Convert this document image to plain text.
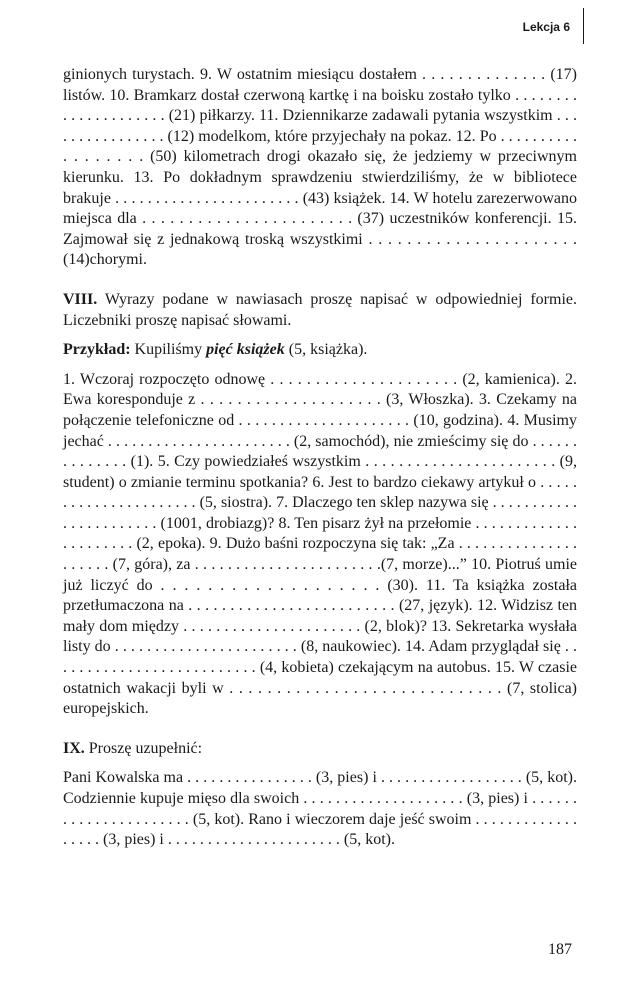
Lekcja 6

ginionych turystach. 9. W ostatnim miesiącu dostałem . . . . . . . . . . . . . . (17) listów. 10. Bramkarz dostał czerwoną kartkę i na boisku zostało tylko . . . . . . . . . . . . . . . . . . . . . (21) piłkarzy. 11. Dziennikarze zadawali pytania wszystkim . . . . . . . . . . . . . . . . (12) modelkom, które przyjechały na pokaz. 12. Po . . . . . . . . . . . . . . . . . . (50) kilometrach drogi okazało się, że jedziemy w przeciwnym kierunku. 13. Po dokładnym sprawdzeniu stwierdziliśmy, że w bibliotece brakuje . . . . . . . . . . . . . . . . . . . . . . . (43) książek. 14. W hotelu zarezerwowano miejsca dla . . . . . . . . . . . . . . . . . . . . . . . (37) uczestników konferencji. 15. Zajmował się z jednakową troską wszystkimi . . . . . . . . . . . . . . . . . . . . . . (14)chorymi.

VIII. Wyrazy podane w nawiasach proszę napisać w odpowiedniej formie. Liczebniki proszę napisać słowami.

Przykład: Kupiliśmy pięć książek (5, książka).

1. Wczoraj rozpoczęto odnowę . . . . . . . . . . . . . . . . . . . . . (2, kamienica). 2. Ewa koresponduje z . . . . . . . . . . . . . . . . . . . . (3, Włoszka). 3. Czekamy na połączenie telefoniczne od . . . . . . . . . . . . . . . . . . . . . (10, godzina). 4. Musimy jechać . . . . . . . . . . . . . . . . . . . . . . . (2, samochód), nie zmieścimy się do . . . . . . . . . . . . . . (1). 5. Czy powiedziałeś wszystkim . . . . . . . . . . . . . . . . . . . . . . . (9, student) o zmianie terminu spotkania? 6. Jest to bardzo ciekawy artykuł o . . . . . . . . . . . . . . . . . . . . . . (5, siostra). 7. Dlaczego ten sklep nazywa się . . . . . . . . . . . . . . . . . . . . . . . (1001, drobiazg)? 8. Ten pisarz żył na przełomie . . . . . . . . . . . . . . . . . . . . . . (2, epoka). 9. Dużo baśni rozpoczyna się tak: „Za . . . . . . . . . . . . . . . . . . . . . (7, góra), za . . . . . . . . . . . . . . . . . . . . . . .(7, morze)...” 10. Piotruś umie już liczyć do . . . . . . . . . . . . . . . . . . . (30). 11. Ta książka została przetłumaczona na . . . . . . . . . . . . . . . . . . . . . . . . . (27, język). 12. Widzisz ten mały dom między . . . . . . . . . . . . . . . . . . . . . . (2, blok)? 13. Sekretarka wysłała listy do . . . . . . . . . . . . . . . . . . . . . . . (8, naukowiec). 14. Adam przyglądał się . . . . . . . . . . . . . . . . . . . . . . . . . . (4, kobieta) czekającym na autobus. 15. W czasie ostatnich wakacji byli w . . . . . . . . . . . . . . . . . . . . . . . . . . . . . (7, stolica) europejskich.

IX. Proszę uzupełnić:

Pani Kowalska ma . . . . . . . . . . . . . . . . (3, pies) i . . . . . . . . . . . . . . . . . . (5, kot). Codziennie kupuje mięso dla swoich . . . . . . . . . . . . . . . . . . . . (3, pies) i . . . . . . . . . . . . . . . . . . . . . . (5, kot). Rano i wieczorem daje jeść swoim . . . . . . . . . . . . . . . . . . (3, pies) i . . . . . . . . . . . . . . . . . . . . . . (5, kot).

187
